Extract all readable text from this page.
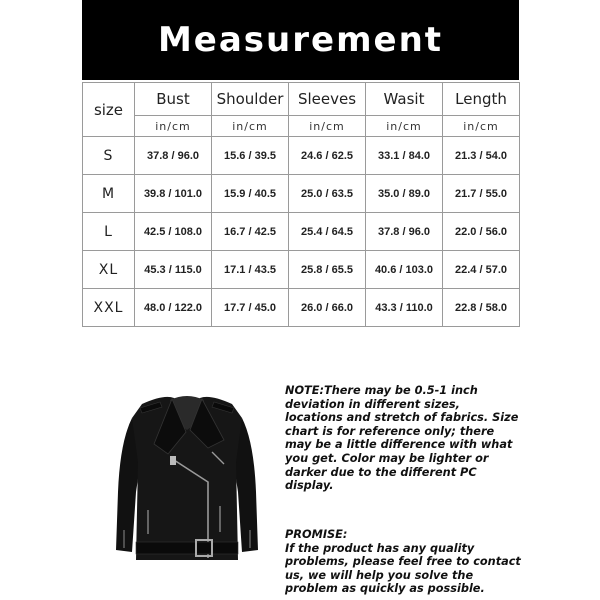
Measurement
size	Bust	Shoulder	Sleeves	Wasit	Length
	in/cm	in/cm	in/cm	in/cm	in/cm
S	37.8 / 96.0	15.6 / 39.5	24.6 / 62.5	33.1 / 84.0	21.3 / 54.0
M	39.8 / 101.0	15.9 / 40.5	25.0 / 63.5	35.0 / 89.0	21.7 / 55.0
L	42.5 / 108.0	16.7 / 42.5	25.4 / 64.5	37.8 / 96.0	22.0 / 56.0
XL	45.3 / 115.0	17.1 / 43.5	25.8 / 65.5	40.6 / 103.0	22.4 / 57.0
XXL	48.0 / 122.0	17.7 / 45.0	26.0 / 66.0	43.3 / 110.0	22.8 / 58.0

NOTE:There may be 0.5-1 inch deviation in different sizes, locations and stretch of fabrics. Size chart is for reference only; there may be a little difference with what you get. Color may be lighter or darker due to the different PC display.

PROMISE:

If the product has any quality problems, please feel free to contact us, we will help you solve the problem as quickly as possible.
